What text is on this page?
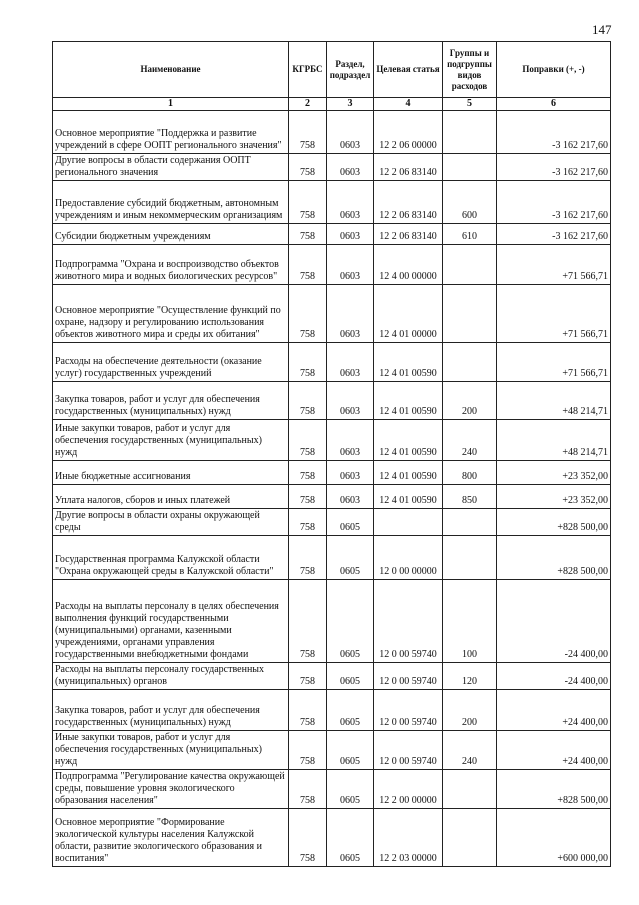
147
Наименование	КГРБС	Раздел, подраздел	Целевая статья	Группы и подгруппы видов расходов	Поправки (+, -)
1	2	3	4	5	6
Основное мероприятие "Поддержка и развитие учреждений в сфере ООПТ регионального значения"	758	0603	12 2 06 00000		-3 162 217,60
Другие вопросы в области содержания ООПТ регионального значения	758	0603	12 2 06 83140		-3 162 217,60
Предоставление субсидий бюджетным, автономным учреждениям и иным некоммерческим организациям	758	0603	12 2 06 83140	600	-3 162 217,60
Субсидии бюджетным учреждениям	758	0603	12 2 06 83140	610	-3 162 217,60
Подпрограмма "Охрана и воспроизводство объектов животного мира и водных биологических ресурсов"	758	0603	12 4 00 00000		+71 566,71
Основное мероприятие "Осуществление функций по охране, надзору и регулированию использования объектов животного мира и среды их обитания"	758	0603	12 4 01 00000		+71 566,71
Расходы на обеспечение деятельности (оказание услуг) государственных учреждений	758	0603	12 4 01 00590		+71 566,71
Закупка товаров, работ и услуг для обеспечения государственных (муниципальных) нужд	758	0603	12 4 01 00590	200	+48 214,71
Иные закупки товаров, работ и услуг для обеспечения государственных (муниципальных) нужд	758	0603	12 4 01 00590	240	+48 214,71
Иные бюджетные ассигнования	758	0603	12 4 01 00590	800	+23 352,00
Уплата налогов, сборов и иных платежей	758	0603	12 4 01 00590	850	+23 352,00
Другие вопросы в области охраны окружающей среды	758	0605			+828 500,00
Государственная программа Калужской области "Охрана окружающей среды в Калужской области"	758	0605	12 0 00 00000		+828 500,00
Расходы на выплаты персоналу в целях обеспечения выполнения функций государственными (муниципальными) органами, казенными учреждениями, органами управления государственными внебюджетными фондами	758	0605	12 0 00 59740	100	-24 400,00
Расходы на выплаты персоналу государственных (муниципальных) органов	758	0605	12 0 00 59740	120	-24 400,00
Закупка товаров, работ и услуг для обеспечения государственных (муниципальных) нужд	758	0605	12 0 00 59740	200	+24 400,00
Иные закупки товаров, работ и услуг для обеспечения государственных (муниципальных) нужд	758	0605	12 0 00 59740	240	+24 400,00
Подпрограмма "Регулирование качества окружающей среды, повышение уровня экологического образования населения"	758	0605	12 2 00 00000		+828 500,00
Основное мероприятие "Формирование экологической культуры населения Калужской области, развитие экологического образования и воспитания"	758	0605	12 2 03 00000		+600 000,00
